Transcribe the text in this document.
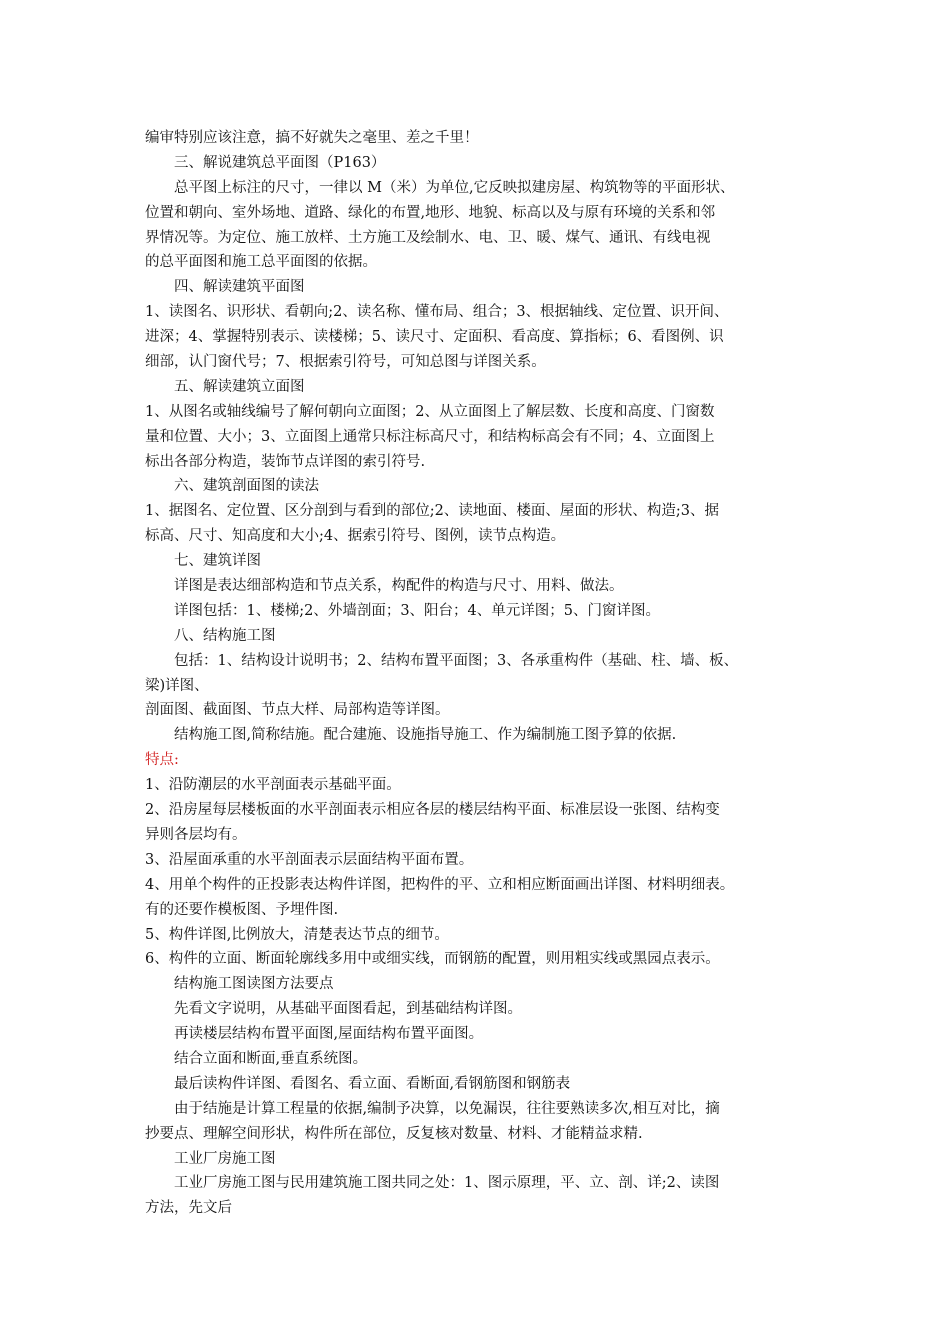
编审特别应该注意，搞不好就失之毫里、差之千里！
三、解说建筑总平面图（P163）
总平图上标注的尺寸，一律以 M（米）为单位,它反映拟建房屋、构筑物等的平面形状、
位置和朝向、室外场地、道路、绿化的布置,地形、地貌、标高以及与原有环境的关系和邻
界情况等。为定位、施工放样、土方施工及绘制水、电、卫、暖、煤气、通讯、有线电视
的总平面图和施工总平面图的依据。
四、解读建筑平面图
1、读图名、识形状、看朝向;2、读名称、懂布局、组合；3、根据轴线、定位置、识开间、
进深；4、掌握特别表示、读楼梯；5、读尺寸、定面积、看高度、算指标；6、看图例、识
细部，认门窗代号；7、根据索引符号，可知总图与详图关系。
五、解读建筑立面图
1、从图名或轴线编号了解何朝向立面图；2、从立面图上了解层数、长度和高度、门窗数
量和位置、大小；3、立面图上通常只标注标高尺寸，和结构标高会有不同；4、立面图上
标出各部分构造，装饰节点详图的索引符号.
六、建筑剖面图的读法
1、据图名、定位置、区分剖到与看到的部位;2、读地面、楼面、屋面的形状、构造;3、据
标高、尺寸、知高度和大小;4、据索引符号、图例，读节点构造。
七、建筑详图
详图是表达细部构造和节点关系，构配件的构造与尺寸、用料、做法。
详图包括：1、楼梯;2、外墙剖面；3、阳台；4、单元详图；5、门窗详图。
八、结构施工图
包括：1、结构设计说明书；2、结构布置平面图；3、各承重构件（基础、柱、墙、板、
梁)详图、
剖面图、截面图、节点大样、局部构造等详图。
结构施工图,简称结施。配合建施、设施指导施工、作为编制施工图予算的依据.
特点:
1、沿防潮层的水平剖面表示基础平面。
2、沿房屋每层楼板面的水平剖面表示相应各层的楼层结构平面、标准层设一张图、结构变
异则各层均有。
3、沿屋面承重的水平剖面表示层面结构平面布置。
4、用单个构件的正投影表达构件详图，把构件的平、立和相应断面画出详图、材料明细表。
有的还要作模板图、予埋件图.
5、构件详图,比例放大，清楚表达节点的细节。
6、构件的立面、断面轮廓线多用中或细实线，而钢筋的配置，则用粗实线或黑园点表示。
结构施工图读图方法要点
先看文字说明，从基础平面图看起，到基础结构详图。
再读楼层结构布置平面图,屋面结构布置平面图。
结合立面和断面,垂直系统图。
最后读构件详图、看图名、看立面、看断面,看钢筋图和钢筋表
由于结施是计算工程量的依据,编制予决算，以免漏误，往往要熟读多次,相互对比，摘
抄要点、理解空间形状，构件所在部位，反复核对数量、材料、才能精益求精.
工业厂房施工图
工业厂房施工图与民用建筑施工图共同之处：1、图示原理，平、立、剖、详;2、读图
方法，先文后
